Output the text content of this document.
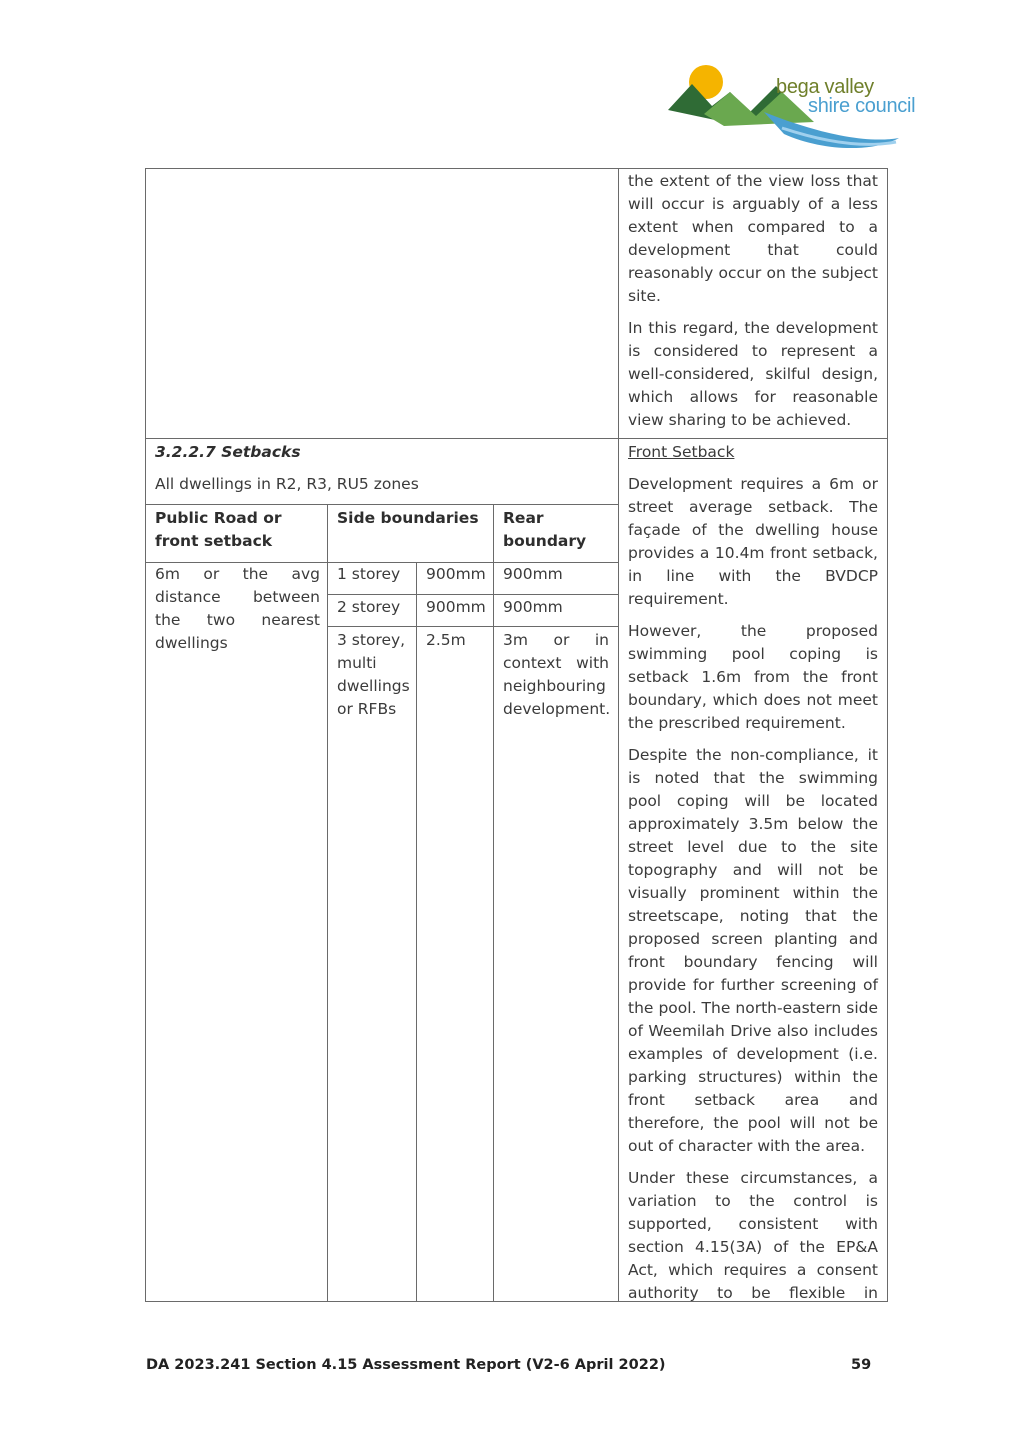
bega valley
shire council

the extent of the view loss that will occur is arguably of a less extent when compared to a development that could reasonably occur on the subject site.

In this regard, the development is considered to represent a well-considered, skilful design, which allows for reasonable view sharing to be achieved.

3.2.2.7 Setbacks
All dwellings in R2, R3, RU5 zones
Public Road or front setback
Side boundaries	Rear boundary
6m or the avg distance between the two nearest dwellings
1 storey 900mm 900mm
2 storey 900mm 900mm
3 storey, multi dwellings or RFBs
2.5m 3m or in context with neighbouring development.

Front Setback

Development requires a 6m or street average setback. The façade of the dwelling house provides a 10.4m front setback, in line with the BVDCP requirement.

However, the proposed swimming pool coping is setback 1.6m from the front boundary, which does not meet the prescribed requirement.

Despite the non-compliance, it is noted that the swimming pool coping will be located approximately 3.5m below the street level due to the site topography and will not be visually prominent within the streetscape, noting that the proposed screen planting and front boundary fencing will provide for further screening of the pool. The north-eastern side of Weemilah Drive also includes examples of development (i.e. parking structures) within the front setback area and therefore, the pool will not be out of character with the area.

Under these circumstances, a variation to the control is supported, consistent with section 4.15(3A) of the EP&A Act, which requires a consent authority to be flexible in

DA 2023.241 Section 4.15 Assessment Report (V2-6 April 2022)	59
